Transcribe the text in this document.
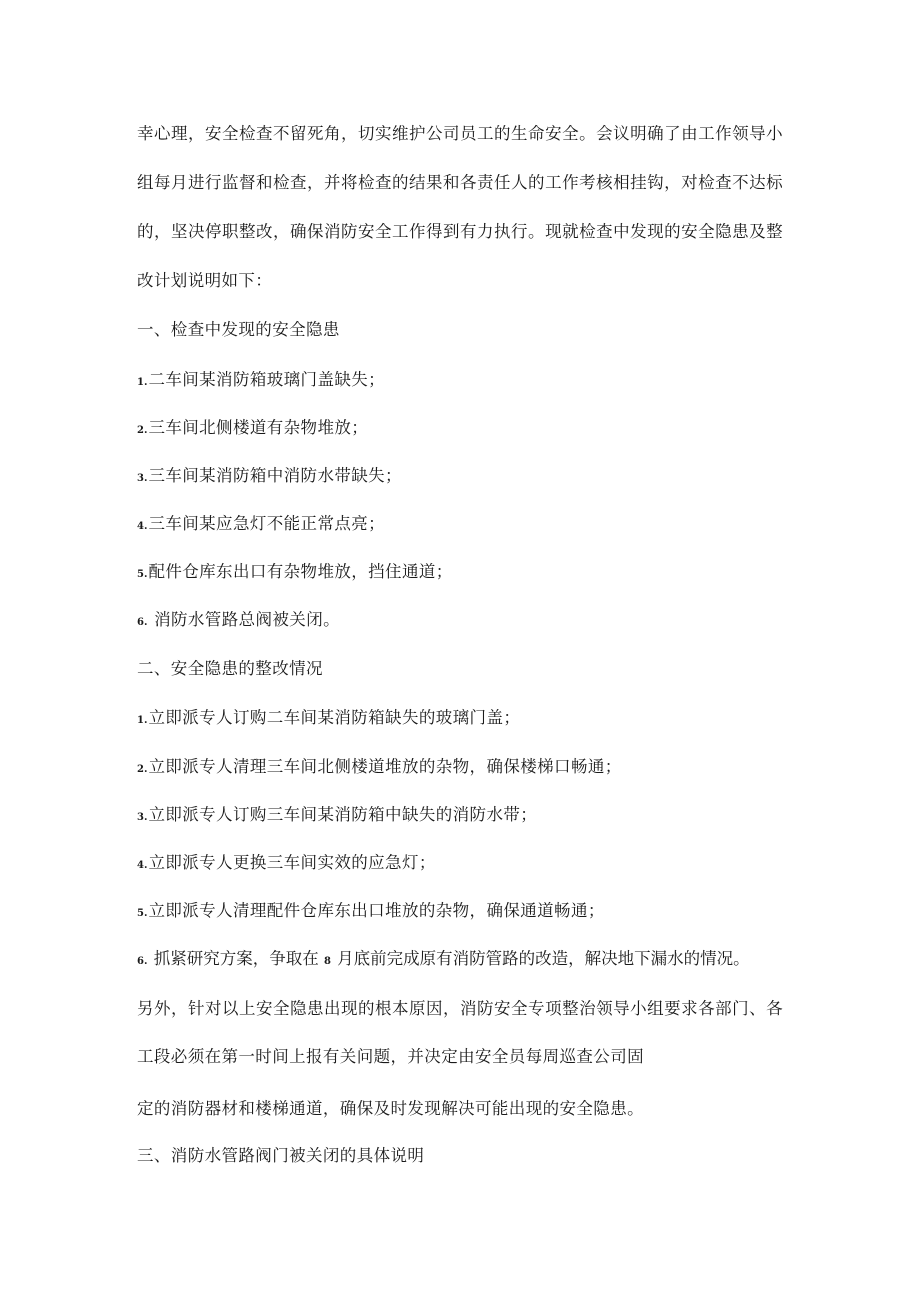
幸心理，安全检查不留死角，切实维护公司员工的生命安全。会议明确了由工作领导小
组每月进行监督和检查，并将检查的结果和各责任人的工作考核相挂钩，对检查不达标
的，坚决停职整改，确保消防安全工作得到有力执行。现就检查中发现的安全隐患及整
改计划说明如下：
一、检查中发现的安全隐患
1.二车间某消防箱玻璃门盖缺失；
2.三车间北侧楼道有杂物堆放；
3.三车间某消防箱中消防水带缺失；
4.三车间某应急灯不能正常点亮；
5.配件仓库东出口有杂物堆放，挡住通道；
6. 消防水管路总阀被关闭。
二、安全隐患的整改情况
1.立即派专人订购二车间某消防箱缺失的玻璃门盖；
2.立即派专人清理三车间北侧楼道堆放的杂物，确保楼梯口畅通；
3.立即派专人订购三车间某消防箱中缺失的消防水带；
4.立即派专人更换三车间实效的应急灯；
5.立即派专人清理配件仓库东出口堆放的杂物，确保通道畅通；
6. 抓紧研究方案，争取在 8 月底前完成原有消防管路的改造，解决地下漏水的情况。
另外，针对以上安全隐患出现的根本原因，消防安全专项整治领导小组要求各部门、各
工段必须在第一时间上报有关问题，并决定由安全员每周巡查公司固
定的消防器材和楼梯通道，确保及时发现解决可能出现的安全隐患。
三、消防水管路阀门被关闭的具体说明
